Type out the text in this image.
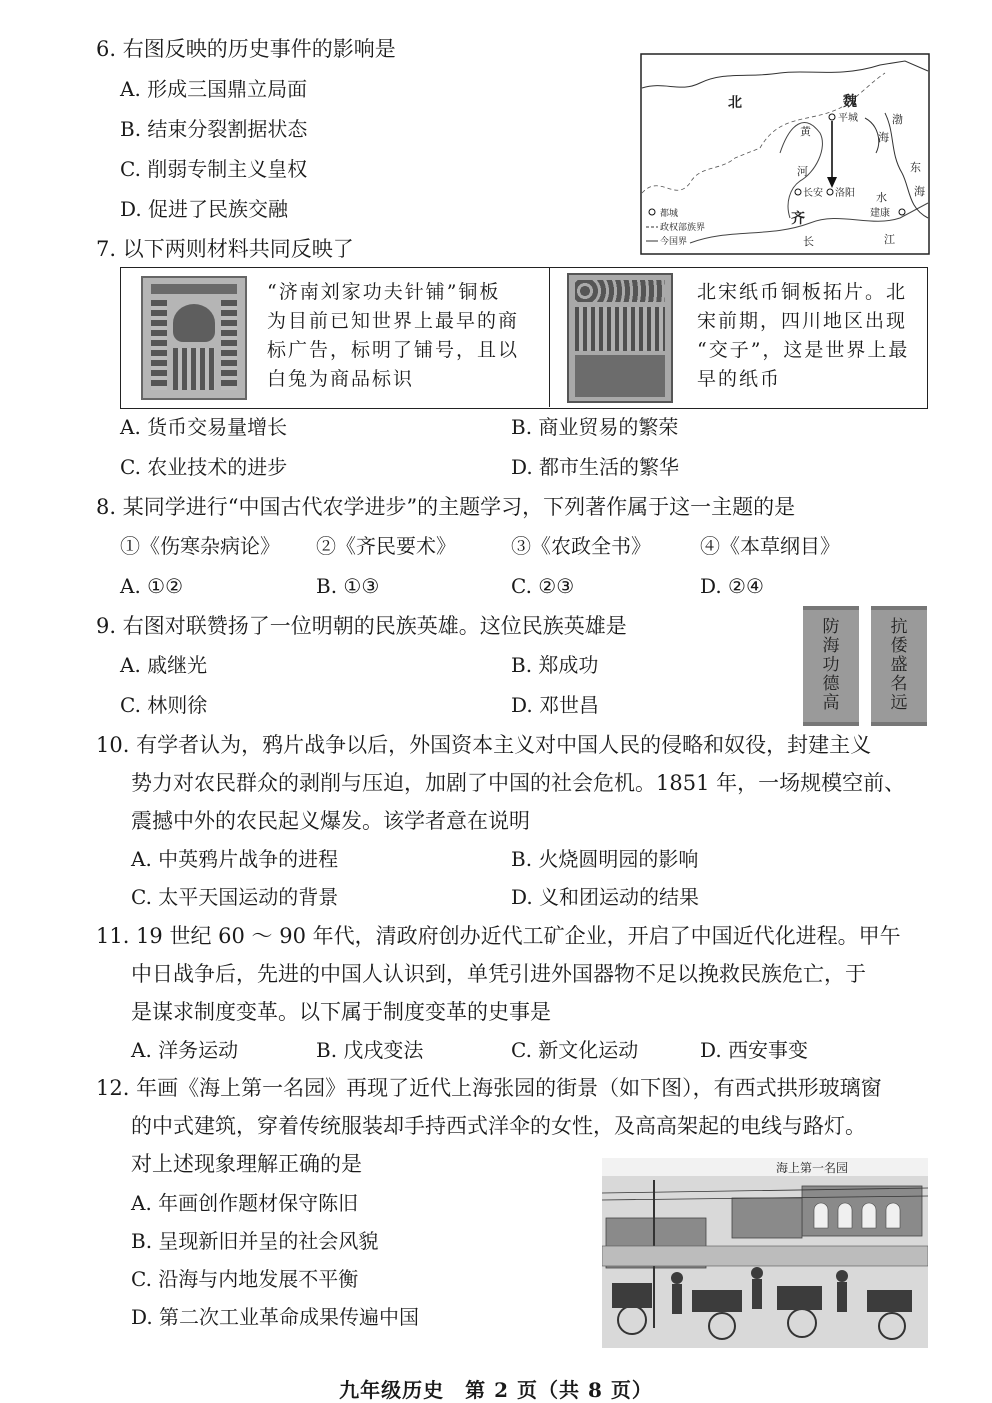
6. 右图反映的历史事件的影响是
A. 形成三国鼎立局面
B. 结束分裂割据状态
C. 削弱专制主义皇权
D. 促进了民族交融
北	魏
平城
黄
河
长安 洛阳
齐
水
建康
长	江
渤
海
东
海
都城
政权部族界
今国界
7. 以下两则材料共同反映了
“济南刘家功夫针铺”铜板
为目前已知世界上最早的商
标广告，标明了铺号，且以
白兔为商品标识
北宋纸币铜板拓片。北
宋前期，四川地区出现
“交子”，这是世界上最
早的纸币
A. 货币交易量增长	B. 商业贸易的繁荣
C. 农业技术的进步	D. 都市生活的繁华
8. 某同学进行“中国古代农学进步”的主题学习，下列著作属于这一主题的是
①《伤寒杂病论》 ②《齐民要术》	③《农政全书》 ④《本草纲目》
A. ①②	B. ①③	C. ②③	D. ②④
9. 右图对联赞扬了一位明朝的民族英雄。这位民族英雄是
A. 戚继光	B. 郑成功
C. 林则徐	D. 邓世昌
防海功德高
抗倭盛名远
10. 有学者认为，鸦片战争以后，外国资本主义对中国人民的侵略和奴役，封建主义
势力对农民群众的剥削与压迫，加剧了中国的社会危机。1851 年，一场规模空前、
震撼中外的农民起义爆发。该学者意在说明
A. 中英鸦片战争的进程	B. 火烧圆明园的影响
C. 太平天国运动的背景	D. 义和团运动的结果
11. 19 世纪 60 ～ 90 年代，清政府创办近代工矿企业，开启了中国近代化进程。甲午
中日战争后，先进的中国人认识到，单凭引进外国器物不足以挽救民族危亡，于
是谋求制度变革。以下属于制度变革的史事是
A. 洋务运动	B. 戊戌变法	C. 新文化运动	D. 西安事变
12. 年画《海上第一名园》再现了近代上海张园的街景（如下图），有西式拱形玻璃窗
的中式建筑，穿着传统服装却手持西式洋伞的女性，及高高架起的电线与路灯。
对上述现象理解正确的是
A. 年画创作题材保守陈旧
B. 呈现新旧并呈的社会风貌
C. 沿海与内地发展不平衡
D. 第二次工业革命成果传遍中国
海上第一名园
九年级历史　第 2 页（共 8 页）
